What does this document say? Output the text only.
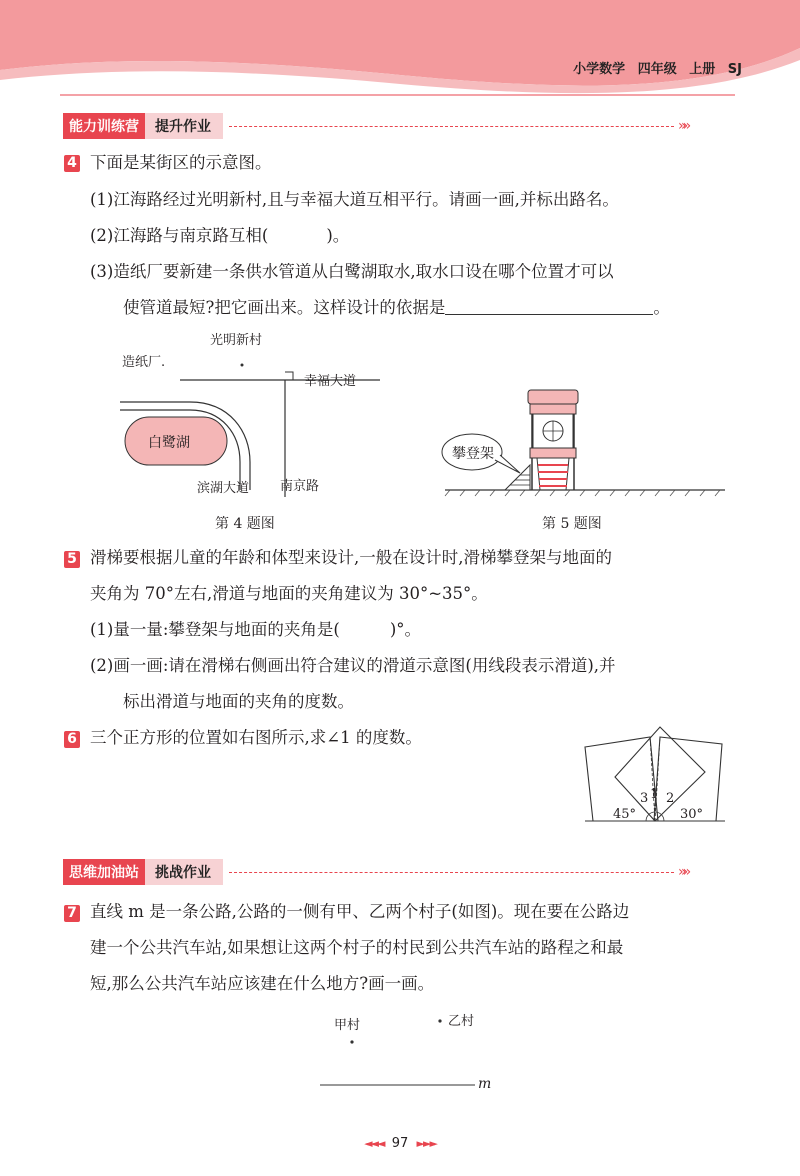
小学数学 四年级 上册 SJ
能力训练营	提升作业	»»
4 下面是某街区的示意图。
(1)江海路经过光明新村,且与幸福大道互相平行。请画一画,并标出路名。
(2)江海路与南京路互相(	)。
(3)造纸厂要新建一条供水管道从白鹭湖取水,取水口设在哪个位置才可以
使管道最短?把它画出来。这样设计的依据是	。
光明新村
造纸厂.
幸福大道
白鹭湖
滨湖大道 南京路
第 4 题图
攀登架
第 5 题图
5 滑梯要根据儿童的年龄和体型来设计,一般在设计时,滑梯攀登架与地面的
夹角为 70°左右,滑道与地面的夹角建议为 30°~35°。
(1)量一量:攀登架与地面的夹角是(	)°。
(2)画一画:请在滑梯右侧画出符合建议的滑道示意图(用线段表示滑道),并
标出滑道与地面的夹角的度数。
6 三个正方形的位置如右图所示,求∠1 的度数。
1 2
3
45°	30°
思维加油站	挑战作业	»»
7 直线 m 是一条公路,公路的一侧有甲、乙两个村子(如图)。现在要在公路边
建一个公共汽车站,如果想让这两个村子的村民到公共汽车站的路程之和最
短,那么公共汽车站应该建在什么地方?画一画。
甲村	乙村
m
◄◄◄ 97 ►►►
